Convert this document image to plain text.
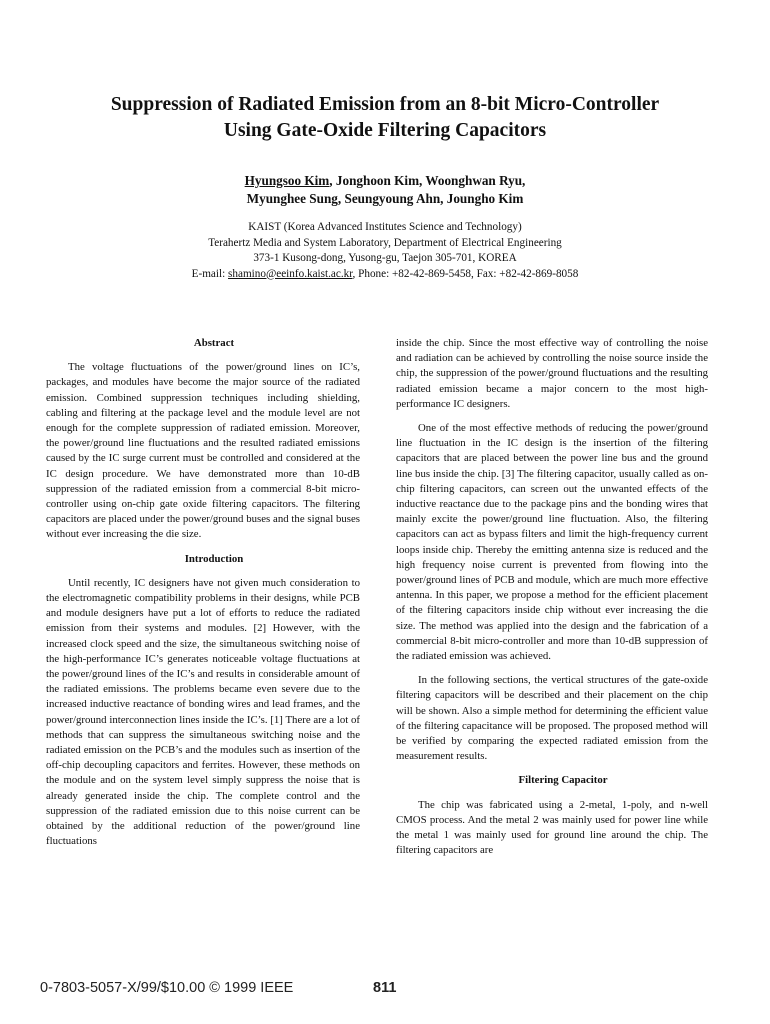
Suppression of Radiated Emission from an 8-bit Micro-Controller
Using Gate-Oxide Filtering Capacitors
Hyungsoo Kim, Jonghoon Kim, Woonghwan Ryu,
Myunghee Sung, Seungyoung Ahn, Joungho Kim
KAIST (Korea Advanced Institutes Science and Technology)
Terahertz Media and System Laboratory, Department of Electrical Engineering
373-1 Kusong-dong, Yusong-gu, Taejon 305-701, KOREA
E-mail: shamino@eeinfo.kaist.ac.kr, Phone: +82-42-869-5458, Fax: +82-42-869-8058

Abstract

The voltage fluctuations of the power/ground lines on IC’s, packages, and modules have become the major source of the radiated emission. Combined suppression techniques including shielding, cabling and filtering at the package level and the module level are not enough for the complete suppression of radiated emission. Moreover, the power/ground line fluctuations and the resulted radiated emissions caused by the IC surge current must be controlled and considered at the IC design procedure. We have demonstrated more than 10-dB suppression of the radiated emission from a commercial 8-bit micro-controller using on-chip gate oxide filtering capacitors. The filtering capacitors are placed under the power/ground buses and the signal buses without ever increasing the die size.

Introduction

Until recently, IC designers have not given much consideration to the electromagnetic compatibility problems in their designs, while PCB and module designers have put a lot of efforts to reduce the radiated emission from their systems and modules. [2] However, with the increased clock speed and the size, the simultaneous switching noise of the high-performance IC’s generates noticeable voltage fluctuations at the power/ground lines of the IC’s and results in considerable amount of the radiated emissions. The problems became even severe due to the increased inductive reactance of bonding wires and lead frames, and the power/ground interconnection lines inside the IC’s. [1] There are a lot of methods that can suppress the simultaneous switching noise and the radiated emission on the PCB’s and the modules such as insertion of the off-chip decoupling capacitors and ferrites. However, these methods on the module and on the system level simply suppress the noise that is already generated inside the chip. The complete control and the suppression of the radiated emission due to this noise current can be obtained by the additional reduction of the power/ground line fluctuations

inside the chip. Since the most effective way of controlling the noise and radiation can be achieved by controlling the noise source inside the chip, the suppression of the power/ground fluctuations and the resulting radiated emission became a major concern to the most high-performance IC designers.

One of the most effective methods of reducing the power/ground line fluctuation in the IC design is the insertion of the filtering capacitors that are placed between the power line bus and the ground line bus inside the chip. [3] The filtering capacitor, usually called as on-chip filtering capacitors, can screen out the unwanted effects of the inductive reactance due to the package pins and the bonding wires that mainly excite the power/ground line fluctuation. Also, the filtering capacitors can act as bypass filters and limit the high-frequency current loops inside chip. Thereby the emitting antenna size is reduced and the high frequency noise current is prevented from flowing into the power/ground lines of PCB and module, which are much more effective antenna. In this paper, we propose a method for the efficient placement of the filtering capacitors inside chip without ever increasing the die size. The method was applied into the design and the fabrication of a commercial 8-bit micro-controller and more than 10-dB suppression of the radiated emission was achieved.

In the following sections, the vertical structures of the gate-oxide filtering capacitors will be described and their placement on the chip will be shown. Also a simple method for determining the efficient value of the filtering capacitance will be proposed. The proposed method will be verified by comparing the expected radiated emission from the measurement results.

Filtering Capacitor

The chip was fabricated using a 2-metal, 1-poly, and n-well CMOS process. And the metal 2 was mainly used for power line while the metal 1 was mainly used for ground line around the chip. The filtering capacitors are

0-7803-5057-X/99/$10.00 © 1999 IEEE	811
